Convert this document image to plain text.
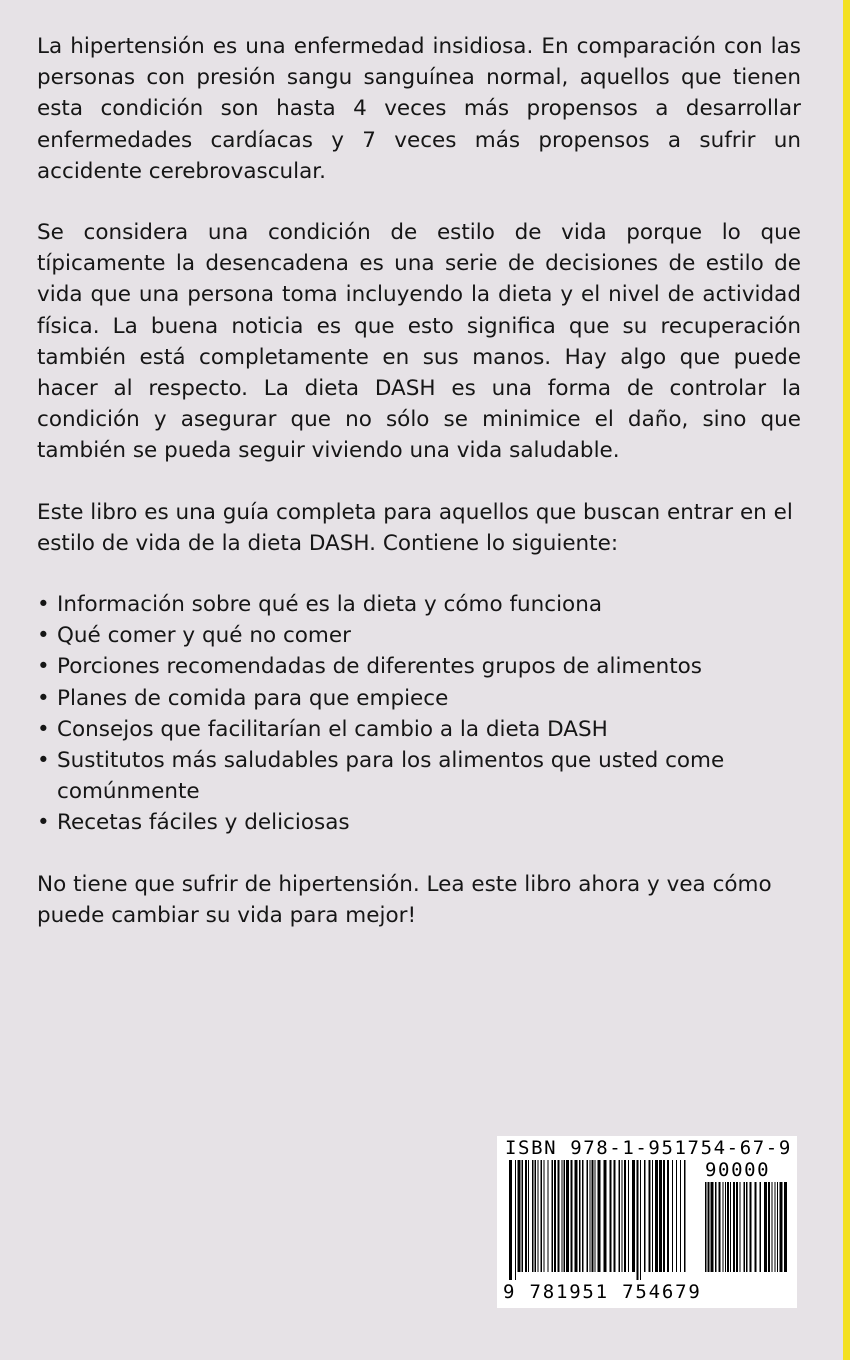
La hipertensión es una enfermedad insidiosa. En comparación con las personas con presión sangu sanguínea normal, aquellos que tienen esta condición son hasta 4 veces más propensos a desarrollar enfermedades cardíacas y 7 veces más propensos a sufrir un accidente cerebrovascular.

Se considera una condición de estilo de vida porque lo que típicamente la desencadena es una serie de decisiones de estilo de vida que una persona toma incluyendo la dieta y el nivel de actividad física. La buena noticia es que esto significa que su recuperación también está completamente en sus manos. Hay algo que puede hacer al respecto. La dieta DASH es una forma de controlar la condición y asegurar que no sólo se minimice el daño, sino que también se pueda seguir viviendo una vida saludable.

Este libro es una guía completa para aquellos que buscan entrar en el estilo de vida de la dieta DASH. Contiene lo siguiente:

• Información sobre qué es la dieta y cómo funciona
• Qué comer y qué no comer
• Porciones recomendadas de diferentes grupos de alimentos
• Planes de comida para que empiece
• Consejos que facilitarían el cambio a la dieta DASH
• Sustitutos más saludables para los alimentos que usted come comúnmente
• Recetas fáciles y deliciosas

No tiene que sufrir de hipertensión. Lea este libro ahora y vea cómo puede cambiar su vida para mejor!

ISBN 978-1-951754-67-9
90000
9 781951 754679
